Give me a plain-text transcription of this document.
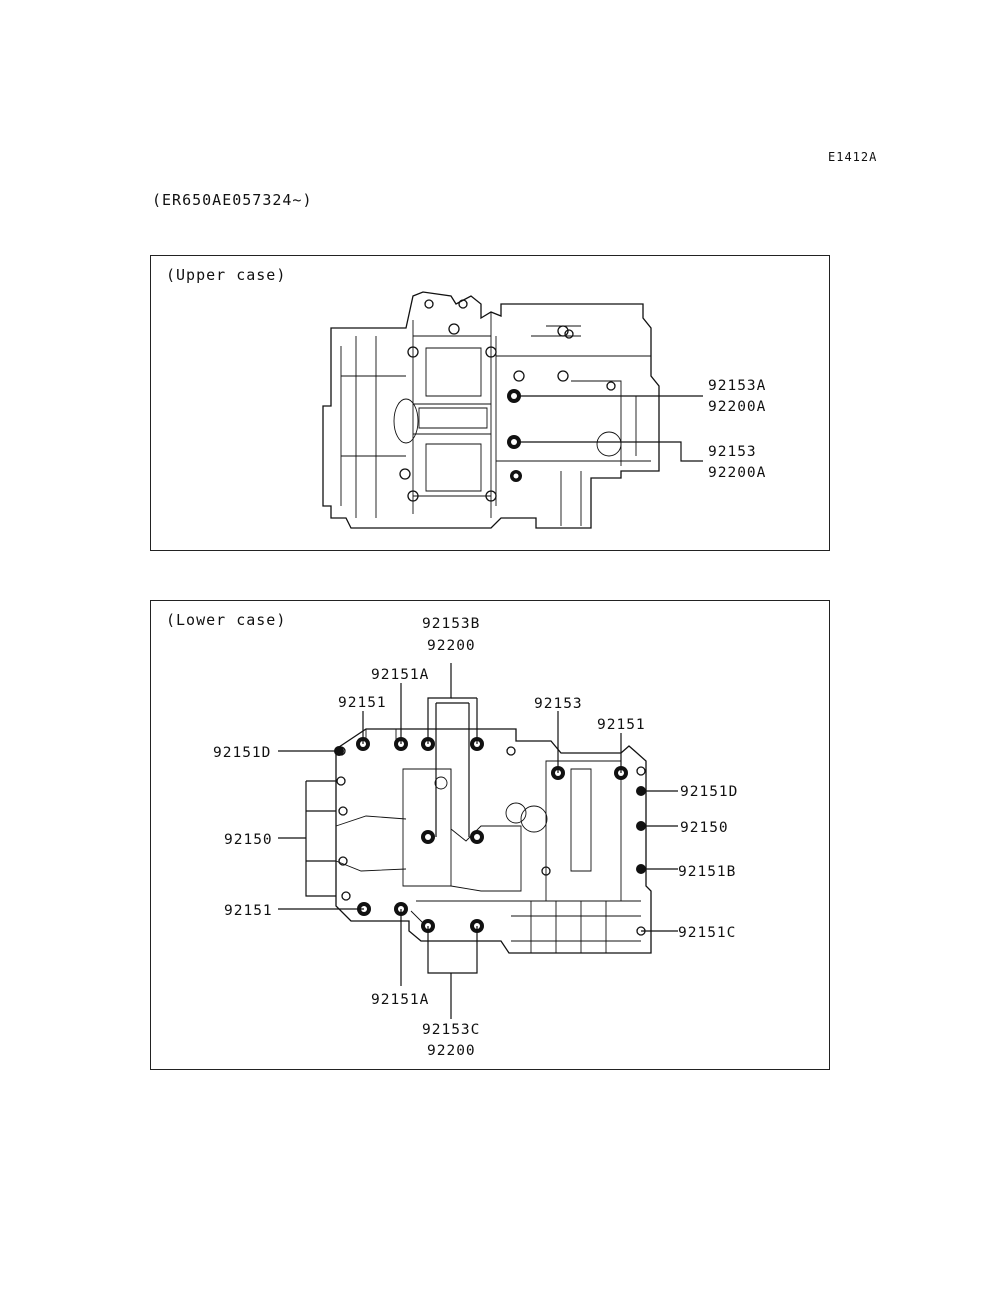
E1412A
(ER650AE057324~)
(Upper case)
92153A
92200A
92153
92200A
(Lower case)	92153B
92200
92151A
92151	92153
92151
92151D
92150
92151
92151D
92150
92151B
92151C
92151A
92153C
92200
